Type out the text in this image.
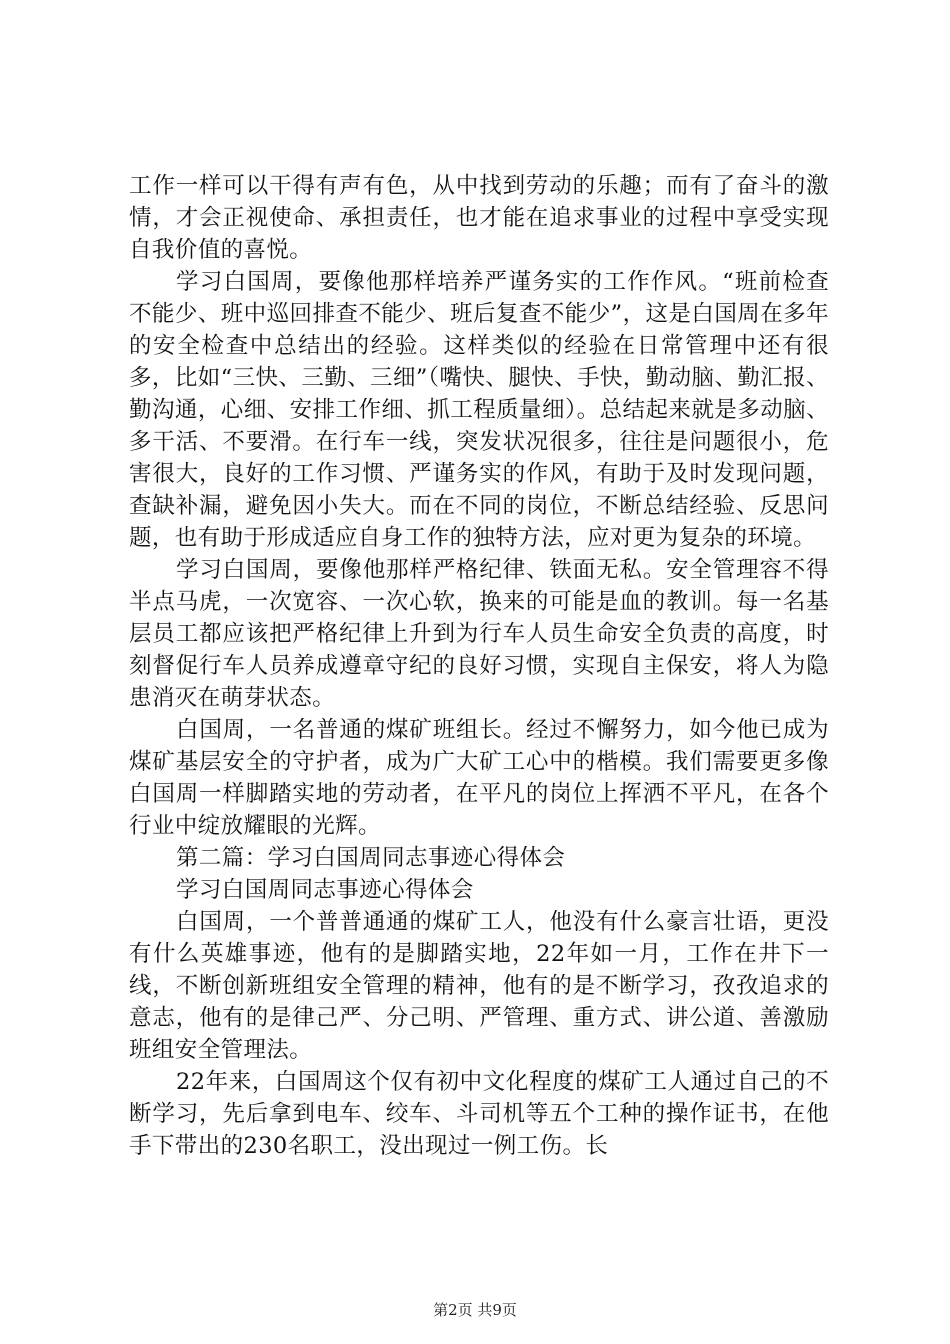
工作一样可以干得有声有色，从中找到劳动的乐趣；而有了奋斗的激情，才会正视使命、承担责任，也才能在追求事业的过程中享受实现自我价值的喜悦。

学习白国周，要像他那样培养严谨务实的工作作风。“班前检查不能少、班中巡回排查不能少、班后复查不能少”，这是白国周在多年的安全检查中总结出的经验。这样类似的经验在日常管理中还有很多，比如“三快、三勤、三细”（嘴快、腿快、手快，勤动脑、勤汇报、勤沟通，心细、安排工作细、抓工程质量细）。总结起来就是多动脑、多干活、不要滑。在行车一线，突发状况很多，往往是问题很小，危害很大，良好的工作习惯、严谨务实的作风，有助于及时发现问题，查缺补漏，避免因小失大。而在不同的岗位，不断总结经验、反思问题，也有助于形成适应自身工作的独特方法，应对更为复杂的环境。

学习白国周，要像他那样严格纪律、铁面无私。安全管理容不得半点马虎，一次宽容、一次心软，换来的可能是血的教训。每一名基层员工都应该把严格纪律上升到为行车人员生命安全负责的高度，时刻督促行车人员养成遵章守纪的良好习惯，实现自主保安，将人为隐患消灭在萌芽状态。

白国周，一名普通的煤矿班组长。经过不懈努力，如今他已成为煤矿基层安全的守护者，成为广大矿工心中的楷模。我们需要更多像白国周一样脚踏实地的劳动者，在平凡的岗位上挥洒不平凡，在各个行业中绽放耀眼的光辉。

第二篇：学习白国周同志事迹心得体会

学习白国周同志事迹心得体会

白国周，一个普普通通的煤矿工人，他没有什么豪言壮语，更没有什么英雄事迹，他有的是脚踏实地，22年如一月，工作在井下一线，不断创新班组安全管理的精神，他有的是不断学习，孜孜追求的意志，他有的是律己严、分己明、严管理、重方式、讲公道、善激励班组安全管理法。

22年来，白国周这个仅有初中文化程度的煤矿工人通过自己的不断学习，先后拿到电车、绞车、斗司机等五个工种的操作证书，在他手下带出的230名职工，没出现过一例工伤。长

第2页 共9页
